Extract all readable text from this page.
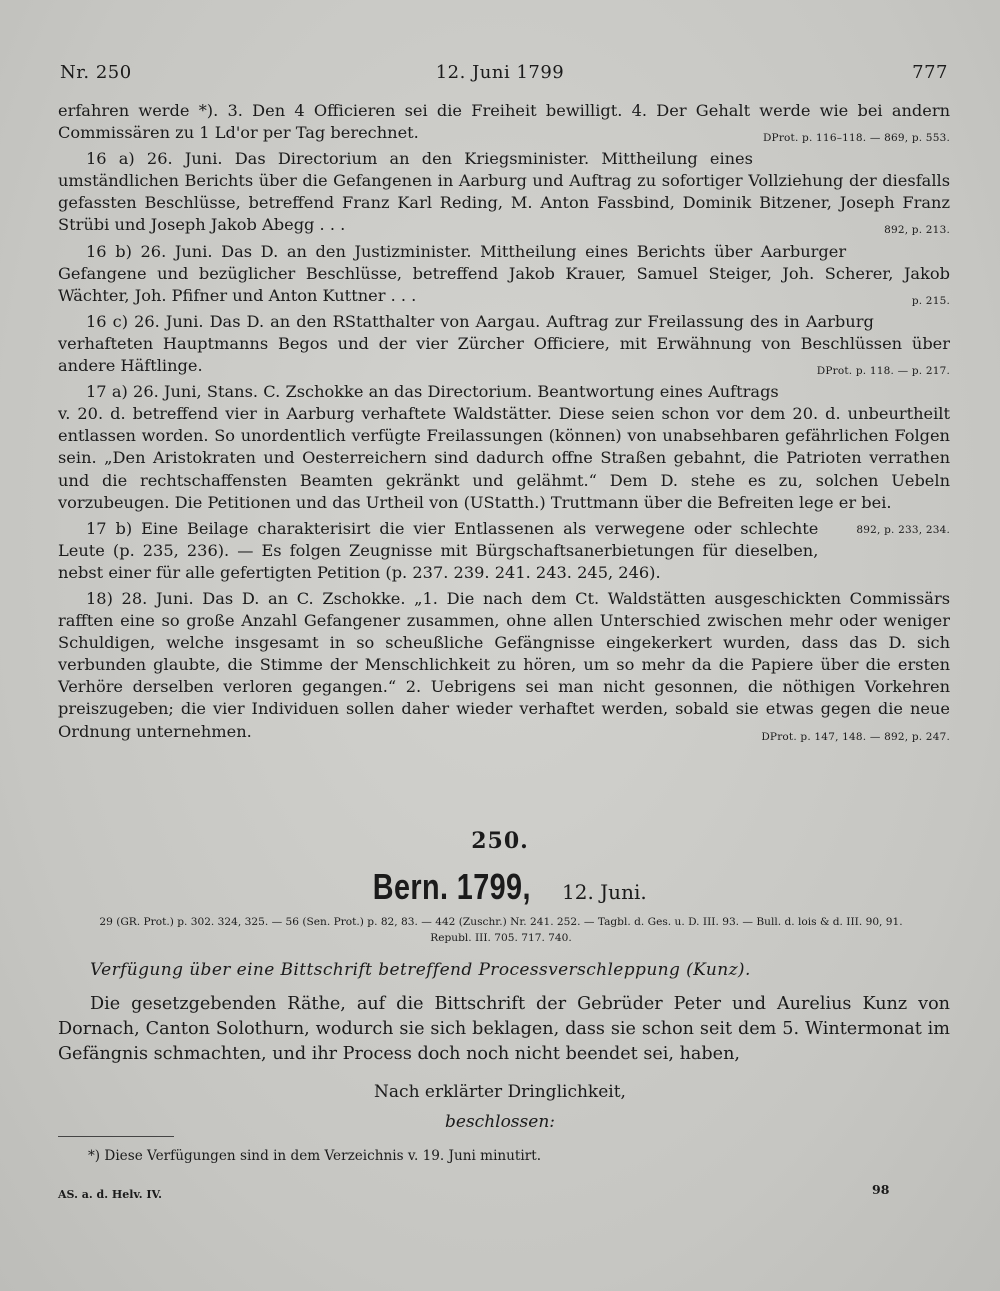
Nr. 250	12. Juni 1799	777

erfahren werde *). 3. Den 4 Officieren sei die Freiheit bewilligt. 4. Der Gehalt werde wie bei andern Commissären zu 1 Ld'or per Tag berechnet.	DProt. p. 116–118. — 869, p. 553.

16 a) 26. Juni. Das Directorium an den Kriegsminister. Mittheilung eines umständlichen Berichts über die Gefangenen in Aarburg und Auftrag zu sofortiger Vollziehung der diesfalls gefassten Beschlüsse, betreffend Franz Karl Reding, M. Anton Fassbind, Dominik Bitzener, Joseph Franz Strübi und Joseph Jakob Abegg . . .	892, p. 213.

16 b) 26. Juni. Das D. an den Justizminister. Mittheilung eines Berichts über Aarburger Gefangene und bezüglicher Beschlüsse, betreffend Jakob Krauer, Samuel Steiger, Joh. Scherer, Jakob Wächter, Joh. Pfifner und Anton Kuttner . . .	p. 215.

16 c) 26. Juni. Das D. an den RStatthalter von Aargau. Auftrag zur Freilassung des in Aarburg verhafteten Hauptmanns Begos und der vier Zürcher Officiere, mit Erwähnung von Beschlüssen über andere Häftlinge.	DProt. p. 118. — p. 217.

17 a) 26. Juni, Stans. C. Zschokke an das Directorium. Beantwortung eines Auftrags v. 20. d. betreffend vier in Aarburg verhaftete Waldstätter. Diese seien schon vor dem 20. d. unbeurtheilt entlassen worden. So unordentlich verfügte Freilassungen (können) von unabsehbaren gefährlichen Folgen sein. „Den Aristokraten und Oesterreichern sind dadurch offne Straßen gebahnt, die Patrioten verrathen und die rechtschaffensten Beamten gekränkt und gelähmt.“ Dem D. stehe es zu, solchen Uebeln vorzubeugen. Die Petitionen und das Urtheil von (UStatth.) Truttmann über die Befreiten lege er bei.
892, p. 233, 234.

17 b) Eine Beilage charakterisirt die vier Entlassenen als verwegene oder schlechte Leute (p. 235, 236). — Es folgen Zeugnisse mit Bürgschaftsanerbietungen für dieselben, nebst einer für alle gefertigten Petition (p. 237. 239. 241. 243. 245, 246).

18) 28. Juni. Das D. an C. Zschokke. „1. Die nach dem Ct. Waldstätten ausgeschickten Commissärs rafften eine so große Anzahl Gefangener zusammen, ohne allen Unterschied zwischen mehr oder weniger Schuldigen, welche insgesamt in so scheußliche Gefängnisse eingekerkert wurden, dass das D. sich verbunden glaubte, die Stimme der Menschlichkeit zu hören, um so mehr da die Papiere über die ersten Verhöre derselben verloren gegangen.“ 2. Uebrigens sei man nicht gesonnen, die nöthigen Vorkehren preiszugeben; die vier Individuen sollen daher wieder verhaftet werden, sobald sie etwas gegen die neue Ordnung unternehmen.	DProt. p. 147, 148. — 892, p. 247.

250.
Bern. 1799, 12. Juni.
29 (GR. Prot.) p. 302. 324, 325. — 56 (Sen. Prot.) p. 82, 83. — 442 (Zuschr.) Nr. 241. 252. — Tagbl. d. Ges. u. D. III. 93. — Bull. d. lois & d. III. 90, 91.
Republ. III. 705. 717. 740.
Verfügung über eine Bittschrift betreffend Processverschleppung (Kunz).

Die gesetzgebenden Räthe, auf die Bittschrift der Gebrüder Peter und Aurelius Kunz von Dornach, Canton Solothurn, wodurch sie sich beklagen, dass sie schon seit dem 5. Wintermonat im Gefängnis schmachten, und ihr Process doch noch nicht beendet sei, haben,

Nach erklärter Dringlichkeit,
beschlossen:
*) Diese Verfügungen sind in dem Verzeichnis v. 19. Juni minutirt.
AS. a. d. Helv. IV.	98
